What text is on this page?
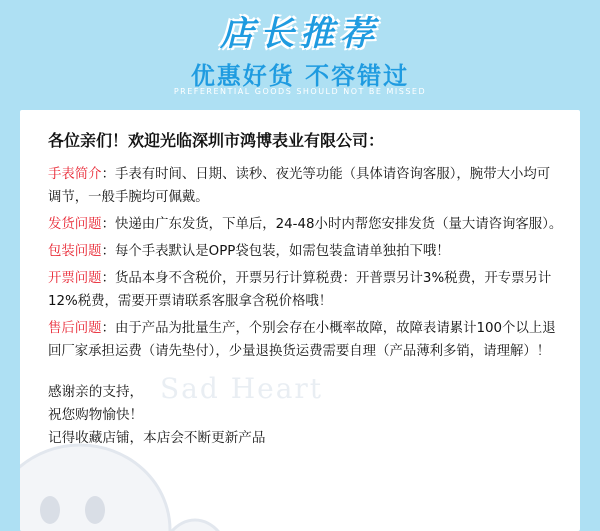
店长推荐
优惠好货 不容错过
PREFERENTIAL GOODS SHOULD NOT BE MISSED
Sad Heart
各位亲们！欢迎光临深圳市鸿博表业有限公司：
手表简介：手表有时间、日期、读秒、夜光等功能（具体请咨询客服），腕带大小均可调节，一般手腕均可佩戴。
发货问题：快递由广东发货，下单后，24-48小时内帮您安排发货（量大请咨询客服）。
包装问题：每个手表默认是OPP袋包装，如需包装盒请单独拍下哦！
开票问题：货品本身不含税价，开票另行计算税费：开普票另计3%税费，开专票另计12%税费，需要开票请联系客服拿含税价格哦！
售后问题：由于产品为批量生产，个别会存在小概率故障，故障表请累计100个以上退回厂家承担运费（请先垫付），少量退换货运费需要自理（产品薄利多销，请理解）！
感谢亲的支持，
祝您购物愉快！
记得收藏店铺，本店会不断更新产品
